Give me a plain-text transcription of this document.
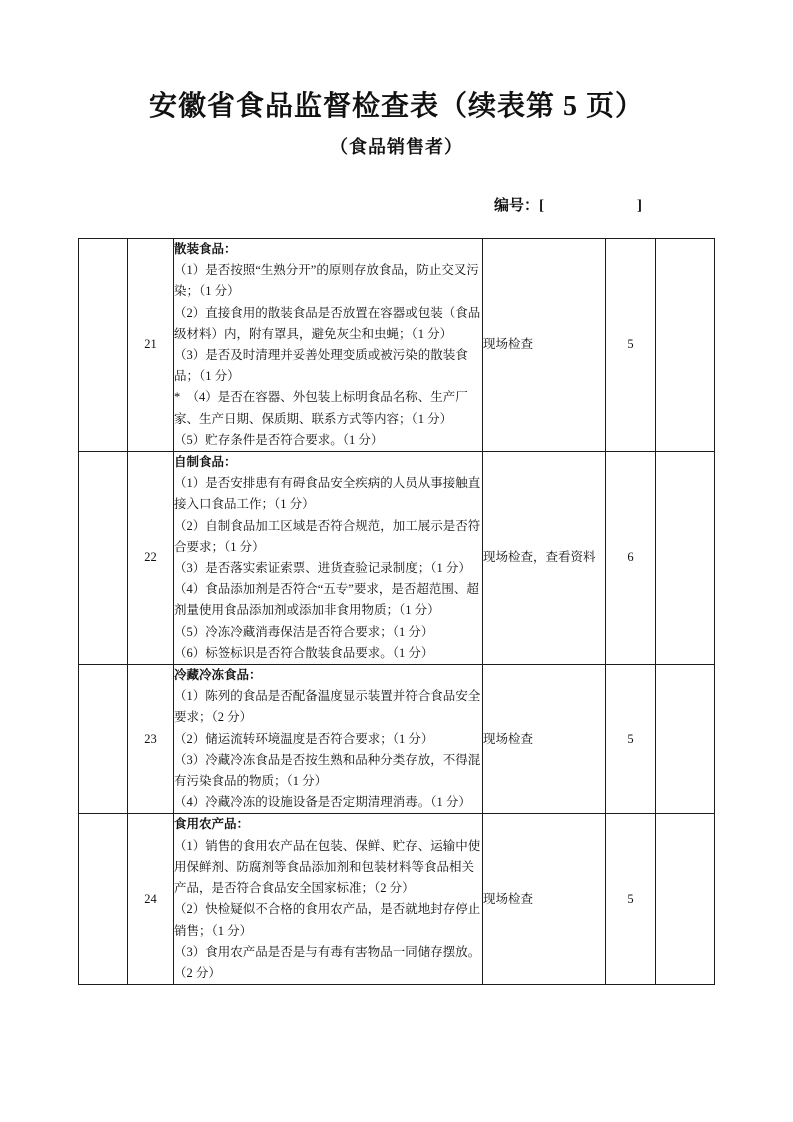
安徽省食品监督检查表（续表第 5 页）
（食品销售者）
编号：[	]
	21	
散装食品：
（1）是否按照“生熟分开”的原则存放食品，防止交叉污染；（1 分）
（2）直接食用的散装食品是否放置在容器或包装（食品级材料）内，附有罩具，避免灰尘和虫蝇；（1 分）
（3）是否及时清理并妥善处理变质或被污染的散装食品；（1 分）
*　（4）是否在容器、外包装上标明食品名称、生产厂家、生产日期、保质期、联系方式等内容；（1 分）
（5）贮存条件是否符合要求。（1 分）
	现场检查	5	
	22	
自制食品：
（1）是否安排患有有碍食品安全疾病的人员从事接触直接入口食品工作；（1 分）
（2）自制食品加工区域是否符合规范，加工展示是否符合要求；（1 分）
（3）是否落实索证索票、进货查验记录制度；（1 分）
（4）食品添加剂是否符合“五专”要求，是否超范围、超剂量使用食品添加剂或添加非食用物质；（1 分）
（5）冷冻冷藏消毒保洁是否符合要求；（1 分）
（6）标签标识是否符合散装食品要求。（1 分）
	现场检查，查看资料	6	
	23	冷藏冷冻食品：
（1）陈列的食品是否配备温度显示装置并符合食品安全要求；（2 分）
（2）储运流转环境温度是否符合要求；（1 分）
（3）冷藏冷冻食品是否按生熟和品种分类存放，不得混有污染食品的物质；（1 分）
（4）冷藏冷冻的设施设备是否定期清理消毒。（1 分）	现场检查	5	
	24	食用农产品：
（1）销售的食用农产品在包装、保鲜、贮存、运输中使用保鲜剂、防腐剂等食品添加剂和包装材料等食品相关产品，是否符合食品安全国家标准；（2 分）
（2）快检疑似不合格的食用农产品，是否就地封存停止销售；（1 分）
（3）食用农产品是否是与有毒有害物品一同储存摆放。（2 分）	现场检查	5	
